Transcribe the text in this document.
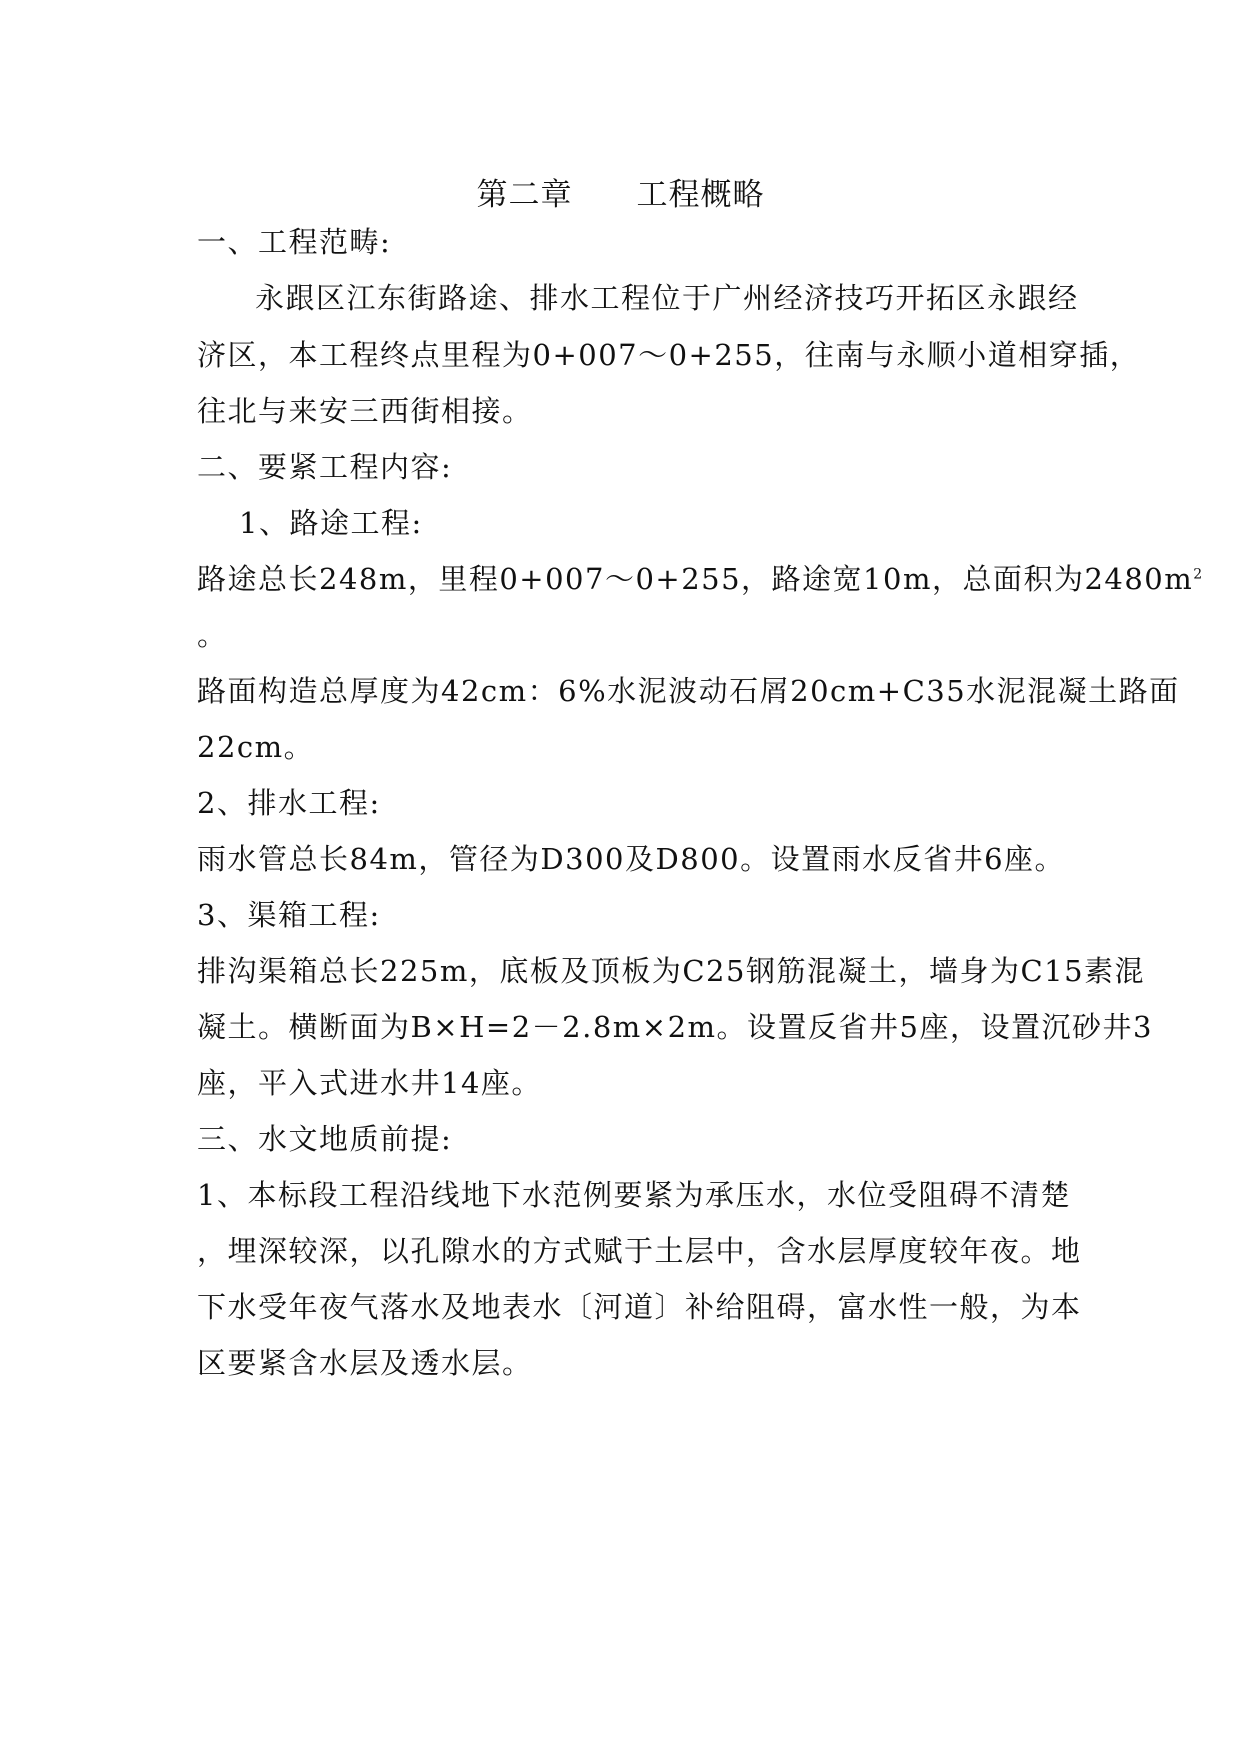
第二章　　工程概略
一、工程范畴:
永跟区江东街路途、排水工程位于广州经济技巧开拓区永跟经
济区，本工程终点里程为0+007～0+255，往南与永顺小道相穿插，
往北与来安三西街相接。
二、要紧工程内容:
1、路途工程:
路途总长248m，里程0+007～0+255，路途宽10m，总面积为$2480m^2$
。
路面构造总厚度为42cm：6%水泥波动石屑20cm+C35水泥混凝土路面
22cm。
2、排水工程:
雨水管总长84m，管径为D300及D800。设置雨水反省井6座。
3、渠箱工程:
排沟渠箱总长225m，底板及顶板为C25钢筋混凝土，墙身为C15素混
凝土。横断面为B×H=2－2.8m×2m。设置反省井5座，设置沉砂井3
座，平入式进水井14座。
三、水文地质前提:
1、本标段工程沿线地下水范例要紧为承压水，水位受阻碍不清楚
，埋深较深，以孔隙水的方式赋于土层中，含水层厚度较年夜。地
下水受年夜气落水及地表水〔河道〕补给阻碍，富水性一般，为本
区要紧含水层及透水层。
